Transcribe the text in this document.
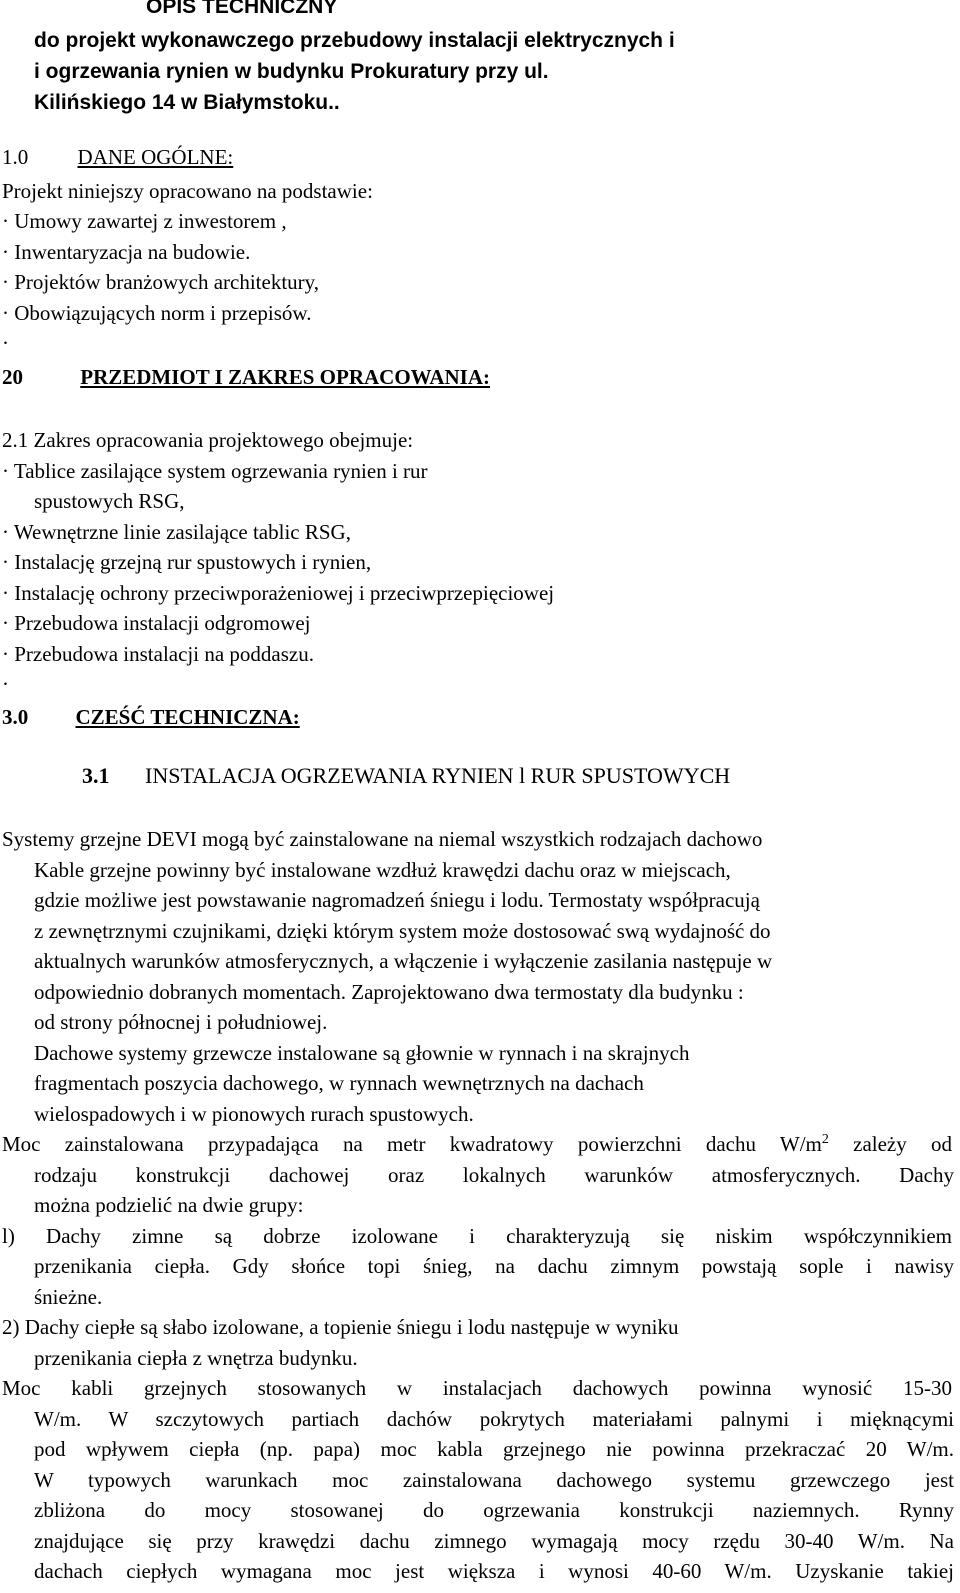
OPIS TECHNICZNY
do projekt wykonawczego przebudowy instalacji elektrycznych i
i ogrzewania rynien w budynku Prokuratury przy ul.
Kilińskiego 14 w Białymstoku..
1.0 DANE OGÓLNE:
Projekt niniejszy opracowano na podstawie:
· Umowy zawartej z inwestorem ,
· Inwentaryzacja na budowie.
· Projektów branżowych architektury,
· Obowiązujących norm i przepisów.
·
20	PRZEDMIOT I ZAKRES OPRACOWANIA:
2.1 Zakres opracowania projektowego obejmuje:
· Tablice zasilające system ogrzewania rynien i rur
spustowych RSG,
· Wewnętrzne linie zasilające tablic RSG,
· Instalację grzejną rur spustowych i rynien,
· Instalację ochrony przeciwporażeniowej i przeciwprzepięciowej
· Przebudowa instalacji odgromowej
· Przebudowa instalacji na poddaszu.
·
3.0 CZEŚĆ TECHNICZNA:
3.1 INSTALACJA OGRZEWANIA RYNIEN l RUR SPUSTOWYCH
Systemy grzejne DEVI mogą być zainstalowane na niemal wszystkich rodzajach dachowo
Kable grzejne powinny być instalowane wzdłuż krawędzi dachu oraz w miejscach,
gdzie możliwe jest powstawanie nagromadzeń śniegu i lodu. Termostaty współpracują
z zewnętrznymi czujnikami, dzięki którym system może dostosować swą wydajność do
aktualnych warunków atmosferycznych, a włączenie i wyłączenie zasilania następuje w
odpowiednio dobranych momentach. Zaprojektowano dwa termostaty dla budynku :
od strony północnej i południowej.
Dachowe systemy grzewcze instalowane są głownie w rynnach i na skrajnych
fragmentach poszycia dachowego, w rynnach wewnętrznych na dachach
wielospadowych i w pionowych rurach spustowych.
Moc zainstalowana przypadająca na metr kwadratowy powierzchni dachu $W/m^2$ zależy od
rodzaju konstrukcji dachowej oraz lokalnych warunków atmosferycznych. Dachy
można podzielić na dwie grupy:
l) Dachy zimne są dobrze izolowane i charakteryzują się niskim współczynnikiem
przenikania ciepła. Gdy słońce topi śnieg, na dachu zimnym powstają sople i nawisy
śnieżne.
2) Dachy ciepłe są słabo izolowane, a topienie śniegu i lodu następuje w wyniku
przenikania ciepła z wnętrza budynku.
Moc kabli grzejnych stosowanych w instalacjach dachowych powinna wynosić 15-30
W/m. W szczytowych partiach dachów pokrytych materiałami palnymi i mięknącymi
pod wpływem ciepła (np. papa) moc kabla grzejnego nie powinna przekraczać 20 W/m.
W typowych warunkach moc zainstalowana dachowego systemu grzewczego jest
zbliżona do mocy stosowanej do ogrzewania konstrukcji naziemnych. Rynny
znajdujące się przy krawędzi dachu zimnego wymagają mocy rzędu 30-40 W/m. Na
dachach ciepłych wymagana moc jest większa i wynosi 40-60 W/m. Uzyskanie takiej
